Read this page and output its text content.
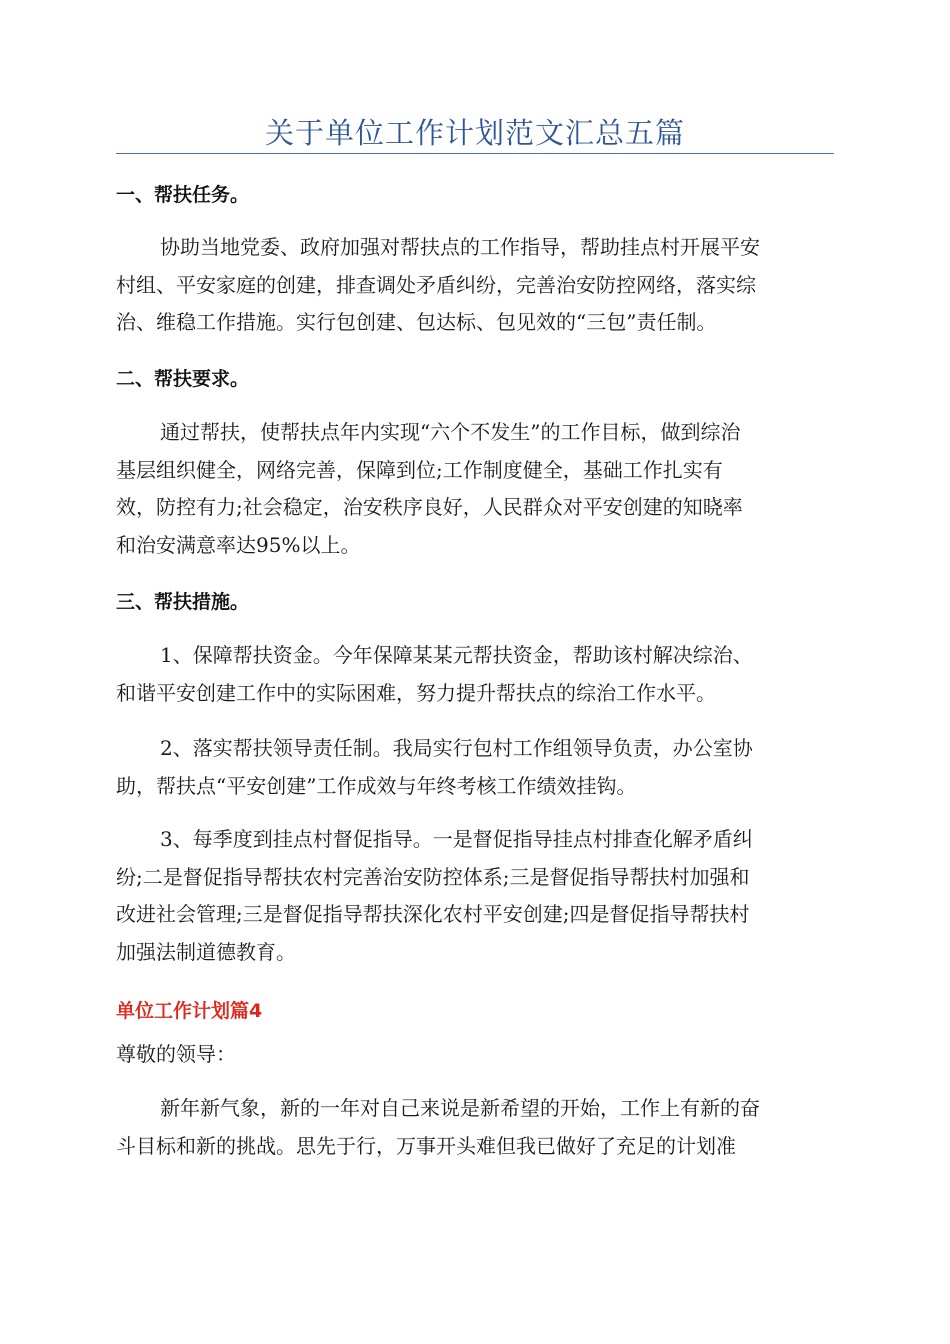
关于单位工作计划范文汇总五篇
一、帮扶任务。
协助当地党委、政府加强对帮扶点的工作指导，帮助挂点村开展平安
村组、平安家庭的创建，排查调处矛盾纠纷，完善治安防控网络，落实综
治、维稳工作措施。实行包创建、包达标、包见效的“三包”责任制。
二、帮扶要求。
通过帮扶，使帮扶点年内实现“六个不发生”的工作目标，做到综治
基层组织健全，网络完善，保障到位;工作制度健全，基础工作扎实有
效，防控有力;社会稳定，治安秩序良好，人民群众对平安创建的知晓率
和治安满意率达95%以上。
三、帮扶措施。
1、保障帮扶资金。今年保障某某元帮扶资金，帮助该村解决综治、
和谐平安创建工作中的实际困难，努力提升帮扶点的综治工作水平。
2、落实帮扶领导责任制。我局实行包村工作组领导负责，办公室协
助，帮扶点“平安创建”工作成效与年终考核工作绩效挂钩。
3、每季度到挂点村督促指导。一是督促指导挂点村排查化解矛盾纠
纷;二是督促指导帮扶农村完善治安防控体系;三是督促指导帮扶村加强和
改进社会管理;三是督促指导帮扶深化农村平安创建;四是督促指导帮扶村
加强法制道德教育。
单位工作计划篇4
尊敬的领导：
新年新气象，新的一年对自己来说是新希望的开始，工作上有新的奋
斗目标和新的挑战。思先于行，万事开头难但我已做好了充足的计划准
